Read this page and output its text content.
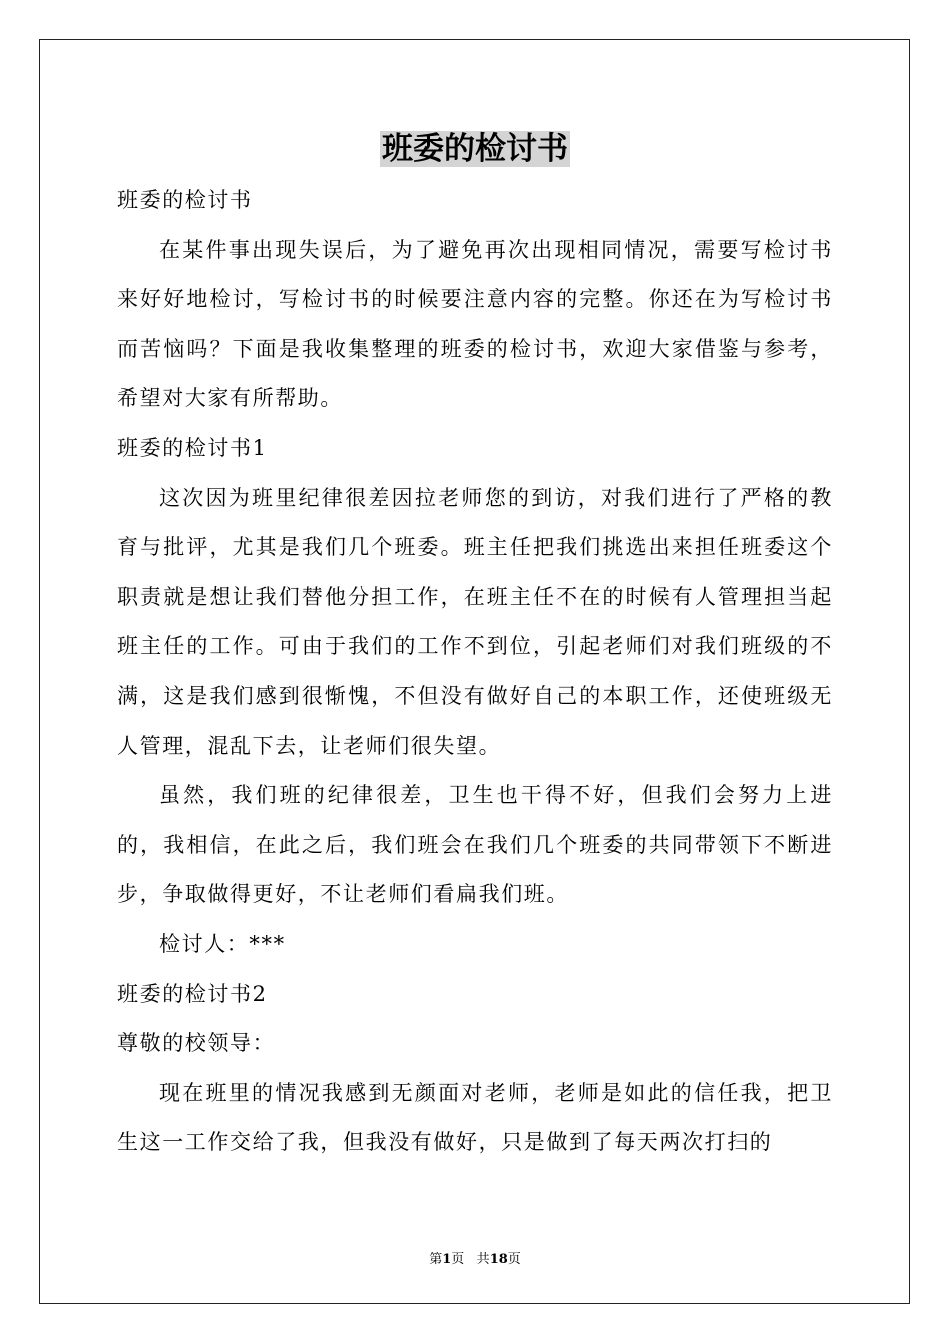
班委的检讨书

班委的检讨书

在某件事出现失误后，为了避免再次出现相同情况，需要写检讨书来好好地检讨，写检讨书的时候要注意内容的完整。你还在为写检讨书而苦恼吗？下面是我收集整理的班委的检讨书，欢迎大家借鉴与参考，希望对大家有所帮助。

班委的检讨书1

这次因为班里纪律很差因拉老师您的到访，对我们进行了严格的教育与批评，尤其是我们几个班委。班主任把我们挑选出来担任班委这个职责就是想让我们替他分担工作，在班主任不在的时候有人管理担当起班主任的工作。可由于我们的工作不到位，引起老师们对我们班级的不满，这是我们感到很惭愧，不但没有做好自己的本职工作，还使班级无人管理，混乱下去，让老师们很失望。

虽然，我们班的纪律很差，卫生也干得不好，但我们会努力上进的，我相信，在此之后，我们班会在我们几个班委的共同带领下不断进步，争取做得更好，不让老师们看扁我们班。

检讨人：***

班委的检讨书2

尊敬的校领导：

现在班里的情况我感到无颜面对老师，老师是如此的信任我，把卫生这一工作交给了我，但我没有做好，只是做到了每天两次打扫的

第1页 共18页
